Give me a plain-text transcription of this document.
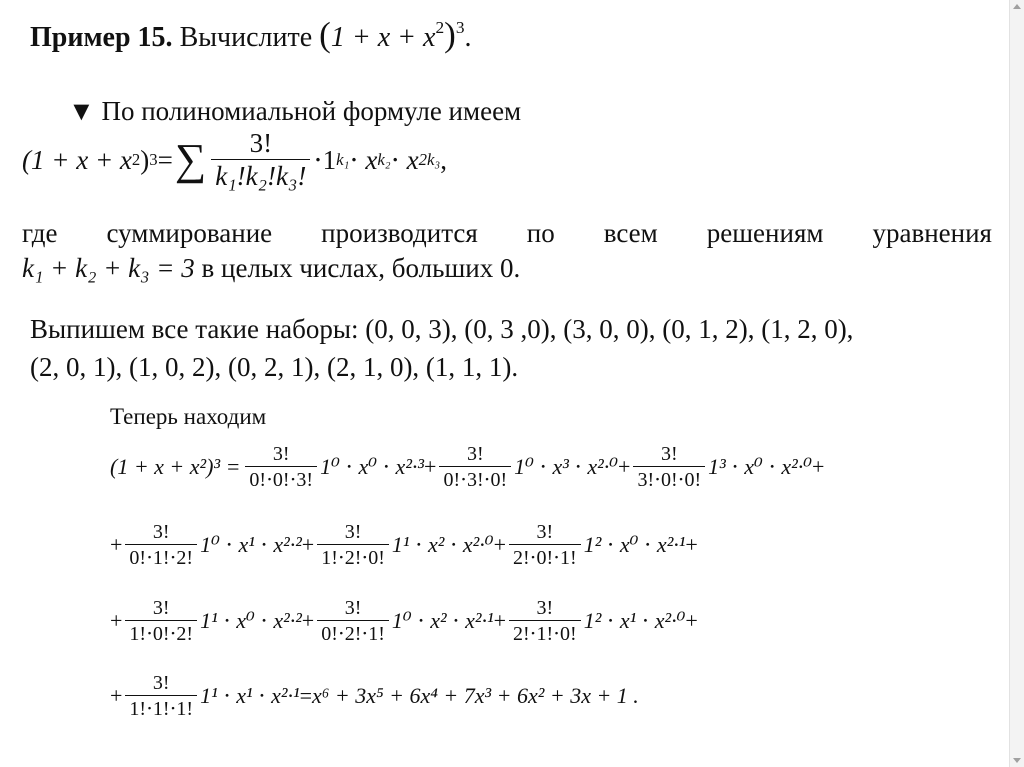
Пример 15. Вычислите $(1 + x + x^2)^3$.
▼ По полиномиальной формуле имеем
(1 + x + x 2 ) 3 = ∑ $\frac{3!}{\text{k₁!k₂!k₃!}} \cdot 1$ k₁ ⋅ x k₂ ⋅ x 2k₃ ,
где суммирование производится по всем решениям уравнения
k₁ + k₂ + k₃ = 3 в целых числах, больших 0.
Выпишем все такие наборы: (0, 0, 3), (0, 3 ,0), (3, 0, 0), (0, 1, 2), (1, 2, 0),
(2, 0, 1), (1, 0, 2), (0, 2, 1), (2, 1, 0), (1, 1, 1).
Теперь находим
$(1 + x + x^2)^3 = \frac{3!}{0!\cdot 0!\cdot 3!} 1^0 \cdot x^0 \cdot x^2\cdot^3 + \frac{3!}{0!\cdot 3!\cdot 0!} 1^0 \cdot x^3 \cdot x^2\cdot^0 + \frac{3!}{3!\cdot 0!\cdot 0!} 1^3 \cdot x^0 \cdot x^2\cdot^0$ +
+ $\frac{3!}{0!\cdot 1!\cdot 2!} 1^0 \cdot x^1 \cdot x^2\cdot^2 + \frac{3!}{1!\cdot 2!\cdot 0!} 1^1 \cdot x^2 \cdot x^2\cdot^0 + \frac{3!}{2!\cdot 0!\cdot 1!} 1^2 \cdot x^0 \cdot x^2\cdot^1$ +
+ $\frac{3!}{1!\cdot 0!\cdot 2!} 1^1 \cdot x^0 \cdot x^2\cdot^2 + \frac{3!}{0!\cdot 2!\cdot 1!} 1^0 \cdot x^2 \cdot x^2\cdot^1 + \frac{3!}{2!\cdot 1!\cdot 0!} 1^2 \cdot x^1 \cdot x^2\cdot^0$ +
+ $\frac{3!}{1!\cdot 1!\cdot 1!} 1^1 \cdot x^1 \cdot x^2\cdot^1 = x^6 + 3x^5 + 6x^4 + 7x^3 + 6x^2 + 3x + 1$ .
